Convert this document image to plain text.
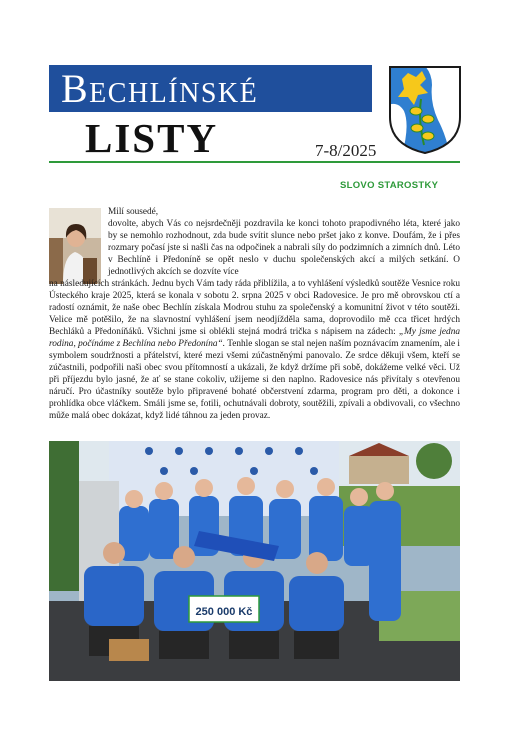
Bechlínské
LISTY	7-8/2025
SLOVO STAROSTKY

Milí sousedé,

dovolte, abych Vás co nejsrdečněji pozdravila ke konci tohoto prapodivného léta, které jako by se nemohlo rozhodnout, zda bude svítit slunce nebo pršet jako z konve. Doufám, že i přes rozmary počasí jste si našli čas na odpočinek a nabrali síly do podzimních a zimních dnů. Léto v Bechlíně i Předoníně se opět neslo v duchu společenských akcí a milých setkání. O jednotlivých akcích se dozvíte více

na následujících stránkách. Jednu bych Vám tady ráda přiblížila, a to vyhlášení výsledků soutěže Vesnice roku Ústeckého kraje 2025, která se konala v sobotu 2. srpna 2025 v obci Radovesice. Je pro mě obrovskou ctí a radostí oznámit, že naše obec Bechlín získala Modrou stuhu za společenský a komunitní život v této soutěži. Velice mě potěšilo, že na slavnostní vyhlášení jsem neodjížděla sama, doprovodilo mě cca třicet hrdých Bechláků a Předoníňáků. Všichni jsme si oblékli stejná modrá trička s nápisem na zádech: „My jsme jedna rodina, počínáme z Bechlína nebo Předonína“. Tenhle slogan se stal nejen naším poznávacím znamením, ale i symbolem soudržnosti a přátelství, které mezi všemi zúčastněnými panovalo. Ze srdce děkuji všem, kteří se zúčastnili, podpořili naši obec svou přítomností a ukázali, že když držíme při sobě, dokážeme velké věci. Už při příjezdu bylo jasné, že ať se stane cokoliv, užijeme si den naplno. Radovesice nás přivítaly s otevřenou náručí. Pro účastníky soutěže bylo připravené bohaté občerstvení zdarma, program pro děti, a dokonce i prohlídka obce vláčkem. Smáli jsme se, fotili, ochutnávali dobroty, soutěžili, zpívali a obdivovali, co všechno může malá obec dokázat, když lidé táhnou za jeden provaz.

250 000 Kč
